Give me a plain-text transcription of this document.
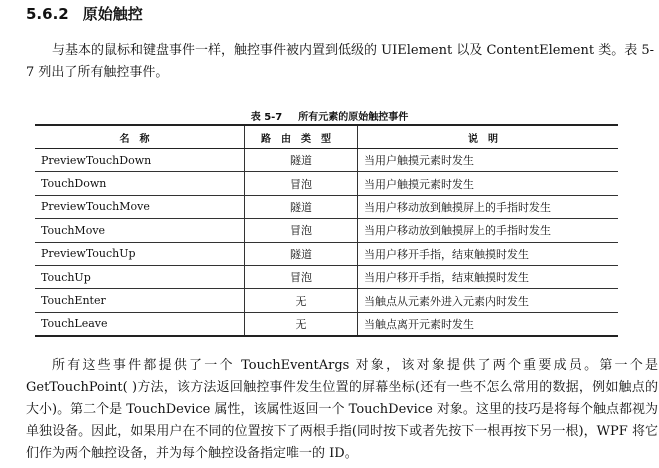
5.6.2 原始触控

与基本的鼠标和键盘事件一样，触控事件被内置到低级的 UIElement 以及 ContentElement 类。表 5-7 列出了所有触控事件。

表 5-7 所有元素的原始触控事件
名称	路由类型	说明
PreviewTouchDown	隧道	当用户触摸元素时发生
TouchDown	冒泡	当用户触摸元素时发生
PreviewTouchMove	隧道	当用户移动放到触摸屏上的手指时发生
TouchMove	冒泡	当用户移动放到触摸屏上的手指时发生
PreviewTouchUp	隧道	当用户移开手指，结束触摸时发生
TouchUp	冒泡	当用户移开手指，结束触摸时发生
TouchEnter	无	当触点从元素外进入元素内时发生
TouchLeave	无	当触点离开元素时发生

所有这些事件都提供了一个 TouchEventArgs 对象，该对象提供了两个重要成员。第一个是 GetTouchPoint( )方法，该方法返回触控事件发生位置的屏幕坐标(还有一些不怎么常用的数据，例如触点的大小)。第二个是 TouchDevice 属性，该属性返回一个 TouchDevice 对象。这里的技巧是将每个触点都视为单独设备。因此，如果用户在不同的位置按下了两根手指(同时按下或者先按下一根再按下另一根)，WPF 将它们作为两个触控设备，并为每个触控设备指定唯一的 ID。
